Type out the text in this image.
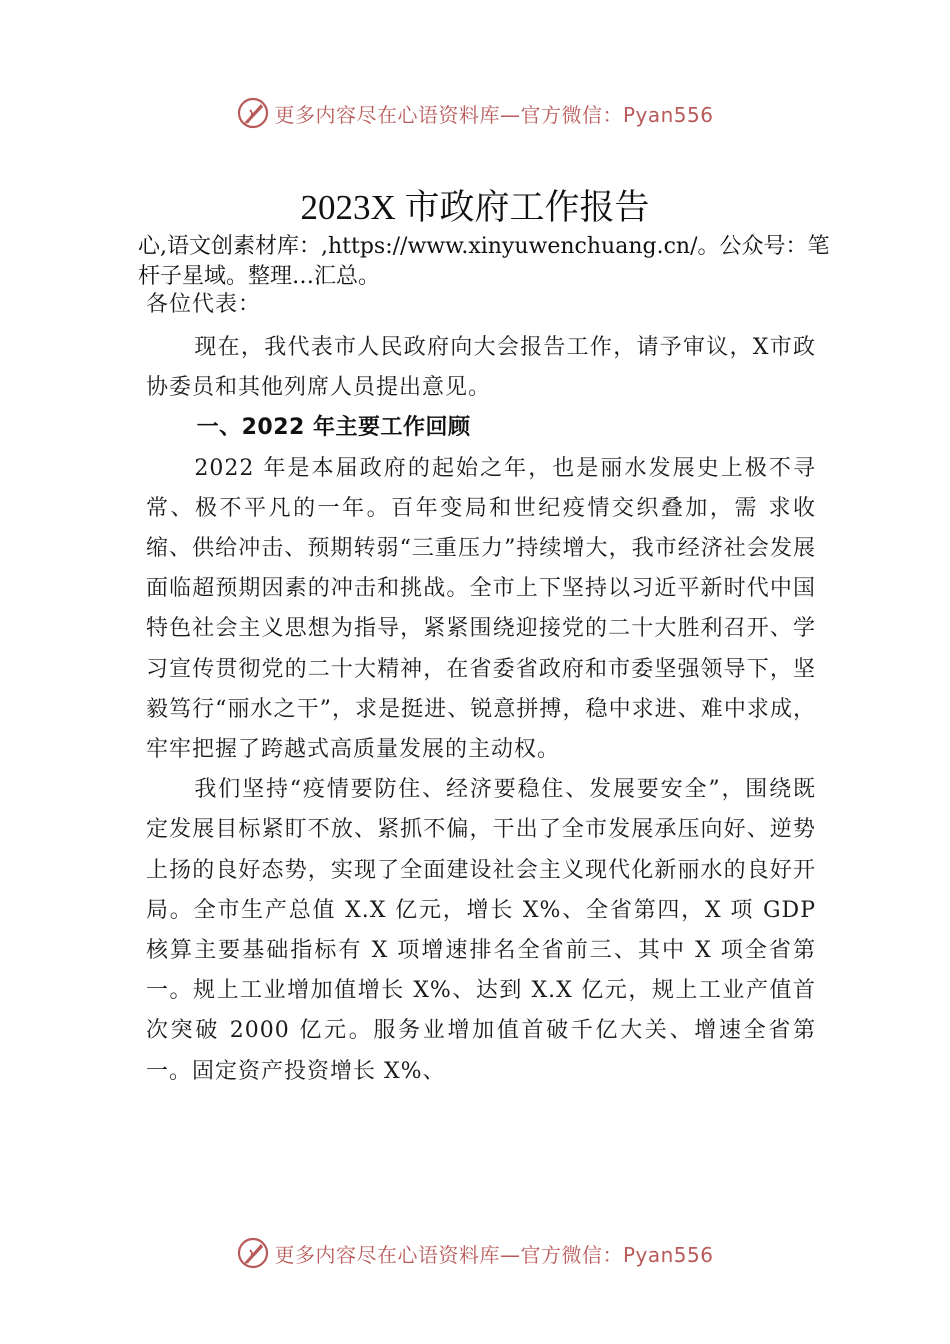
更多内容尽在心语资料库—官方微信：Pyan556
2023X 市政府工作报告

心,语文创素材库：,https://www.xinyuwenchuang.cn/。公众号：笔杆子星域。整理…汇总。

各位代表：

现在，我代表市人民政府向大会报告工作，请予审议，X市政协委员和其他列席人员提出意见。

一、2022 年主要工作回顾

2022 年是本届政府的起始之年，也是丽水发展史上极不寻常、极不平凡的一年。百年变局和世纪疫情交织叠加，需 求收缩、供给冲击、预期转弱“三重压力”持续增大，我市经济社会发展面临超预期因素的冲击和挑战。全市上下坚持以习近平新时代中国特色社会主义思想为指导，紧紧围绕迎接党的二十大胜利召开、学习宣传贯彻党的二十大精神，在省委省政府和市委坚强领导下，坚毅笃行“丽水之干”，求是挺进、锐意拼搏，稳中求进、难中求成，牢牢把握了跨越式高质量发展的主动权。

我们坚持“疫情要防住、经济要稳住、发展要安全”，围绕既定发展目标紧盯不放、紧抓不偏，干出了全市发展承压向好、逆势上扬的良好态势，实现了全面建设社会主义现代化新丽水的良好开局。全市生产总值 X.X 亿元，增长 X%、全省第四，X 项 GDP 核算主要基础指标有 X 项增速排名全省前三、其中 X 项全省第一。规上工业增加值增长 X%、达到 X.X 亿元，规上工业产值首次突破 2000 亿元。服务业增加值首破千亿大关、增速全省第一。固定资产投资增长 X%、

更多内容尽在心语资料库—官方微信：Pyan556
